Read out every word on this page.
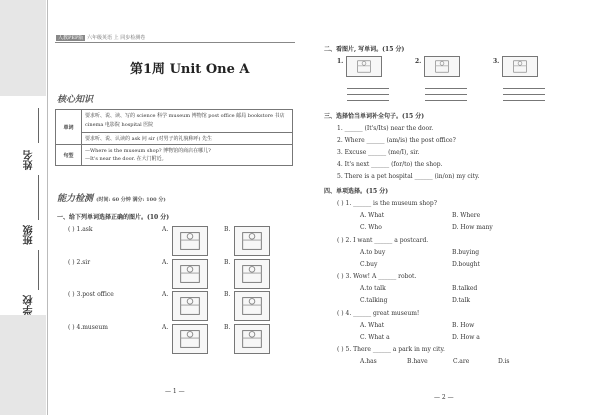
姓名
班级
学校
人教PEP版 六年级英语 上 同步检测卷
第1周 Unit One A
核心知识
单词	要求听、说、读、写的 science 科学 museum 博物馆 post office 邮局 bookstore 书店 cinema 电影院 hospital 医院
	要求听、说、认读的 ask 问 sir (对男子的礼貌称呼) 先生
句型	—Where is the museum shop? 博物馆的商店在哪儿?
—It's near the door. 在大门附近。
能力检测 (时间: 60 分钟 满分: 100 分)
一、给下列单词选择正确的图片。(10 分)
( ) 1.ask	A.	B.
( ) 2.sir	A.	B.
( ) 3.post office	A.	B.
( ) 4.museum	A.	B.
— 1 —
二、看图片, 写单词。(15 分)
1.	2.	3.
三、选择恰当单词补全句子。(15 分)
1. ______ (It's/Its) near the door.
2. Where ______ (am/is) the post office?
3. Excuse ______ (me/I), sir.
4. It's next ______ (for/to) the shop.
5. There is a pet hospital ______ (in/on) my city.
四、单项选择。(15 分)
( ) 1. ______ is the museum shop?
A. What	B. Where
C. Who	D. How many
( ) 2. I want ______ a postcard.
A.to buy	B.buying
C.buy	D.bought
( ) 3. Wow! A ______ robot.
A.to talk	B.talked
C.talking	D.talk
( ) 4. ______ great museum!
A. What	B. How
C. What a	D. How a
( ) 5. There ______ a park in my city.
A.has	B.have	C.are	D.is
— 2 —
